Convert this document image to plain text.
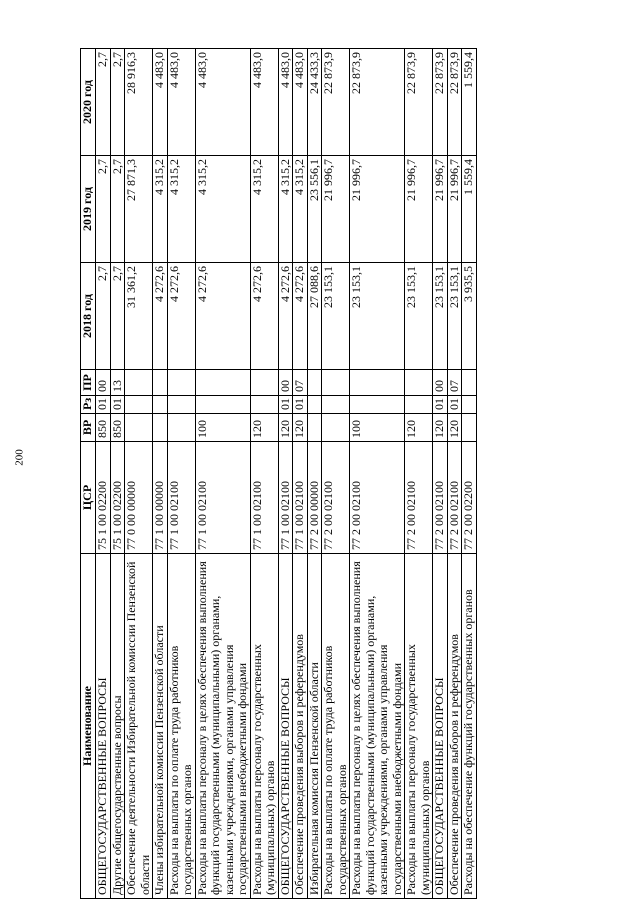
200
Наименование	ЦСР	ВР	Рз	ПР	2018 год	2019 год	2020 год
ОБЩЕГОСУДАРСТВЕННЫЕ ВОПРОСЫ	75 1 00 02200	850	01	00	2,7	2,7	2,7
Другие общегосударственные вопросы	75 1 00 02200	850	01	13	2,7	2,7	2,7
Обеспечение деятельности Избирательной комиссии Пензенской области	77 0 00 00000				31 361,2	27 871,3	28 916,3
Члены избирательной комиссии Пензенской области	77 1 00 00000				4 272,6	4 315,2	4 483,0
Расходы на выплаты по оплате труда работников государственных органов	77 1 00 02100				4 272,6	4 315,2	4 483,0
Расходы на выплаты персоналу в целях обеспечения выполнения функций государственными (муниципальными) органами, казенными учреждениями, органами управления государственными внебюджетными фондами	77 1 00 02100	100			4 272,6	4 315,2	4 483,0
Расходы на выплаты персоналу государственных (муниципальных) органов	77 1 00 02100	120			4 272,6	4 315,2	4 483,0
ОБЩЕГОСУДАРСТВЕННЫЕ ВОПРОСЫ	77 1 00 02100	120	01	00	4 272,6	4 315,2	4 483,0
Обеспечение проведения выборов и референдумов	77 1 00 02100	120	01	07	4 272,6	4 315,2	4 483,0
Избирательная комиссия Пензенской области	77 2 00 00000				27 088,6	23 556,1	24 433,3
Расходы на выплаты по оплате труда работников государственных органов	77 2 00 02100				23 153,1	21 996,7	22 873,9
Расходы на выплаты персоналу в целях обеспечения выполнения функций государственными (муниципальными) органами, казенными учреждениями, органами управления государственными внебюджетными фондами	77 2 00 02100	100			23 153,1	21 996,7	22 873,9
Расходы на выплаты персоналу государственных (муниципальных) органов	77 2 00 02100	120			23 153,1	21 996,7	22 873,9
ОБЩЕГОСУДАРСТВЕННЫЕ ВОПРОСЫ	77 2 00 02100	120	01	00	23 153,1	21 996,7	22 873,9
Обеспечение проведения выборов и референдумов	77 2 00 02100	120	01	07	23 153,1	21 996,7	22 873,9
Расходы на обеспечение функций государственных органов	77 2 00 02200				3 935,5	1 559,4	1 559,4
